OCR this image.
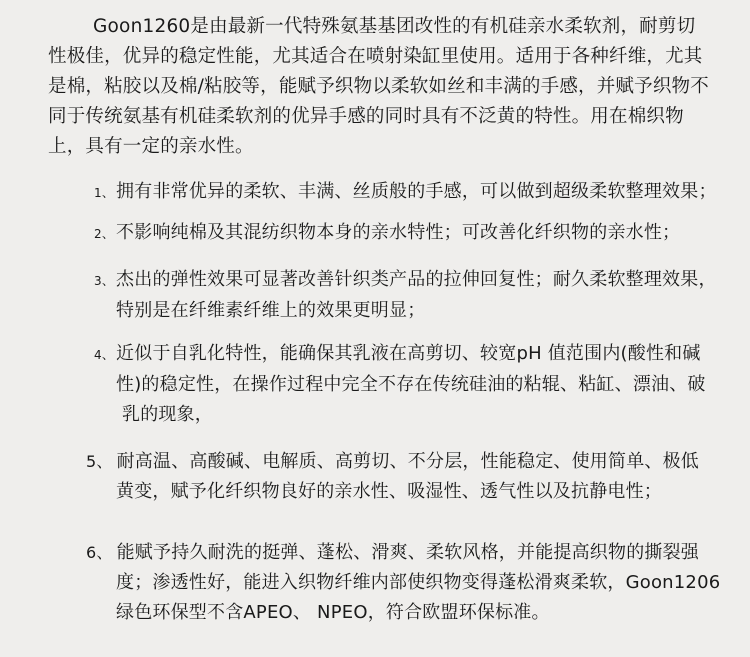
Goon1260是由最新一代特殊氨基基团改性的有机硅亲水柔软剂，耐剪切性极佳，优异的稳定性能，尤其适合在喷射染缸里使用。适用于各种纤维，尤其是棉，粘胶以及棉/粘胶等，能赋予织物以柔软如丝和丰满的手感，并赋予织物不同于传统氨基有机硅柔软剂的优异手感的同时具有不泛黄的特性。用在棉织物上，具有一定的亲水性。

1、 拥有非常优异的柔软、丰满、丝质般的手感，可以做到超级柔软整理效果；

2、 不影响纯棉及其混纺织物本身的亲水特性；可改善化纤织物的亲水性；

3、 杰出的弹性效果可显著改善针织类产品的拉伸回复性；耐久柔软整理效果，
特别是在纤维素纤维上的效果更明显；

4、 近似于自乳化特性，能确保其乳液在高剪切、较宽pH 值范围内(酸性和碱
性)的稳定性，在操作过程中完全不存在传统硅油的粘辊、粘缸、漂油、破
乳的现象，

5、 耐高温、高酸碱、电解质、高剪切、不分层，性能稳定、使用简单、极低
黄变，赋予化纤织物良好的亲水性、吸湿性、透气性以及抗静电性；

6、 能赋予持久耐洗的挺弹、蓬松、滑爽、柔软风格，并能提高织物的撕裂强
度；渗透性好，能进入织物纤维内部使织物变得蓬松滑爽柔软，Goon1206
绿色环保型不含APEO、 NPEO，符合欧盟环保标准。
